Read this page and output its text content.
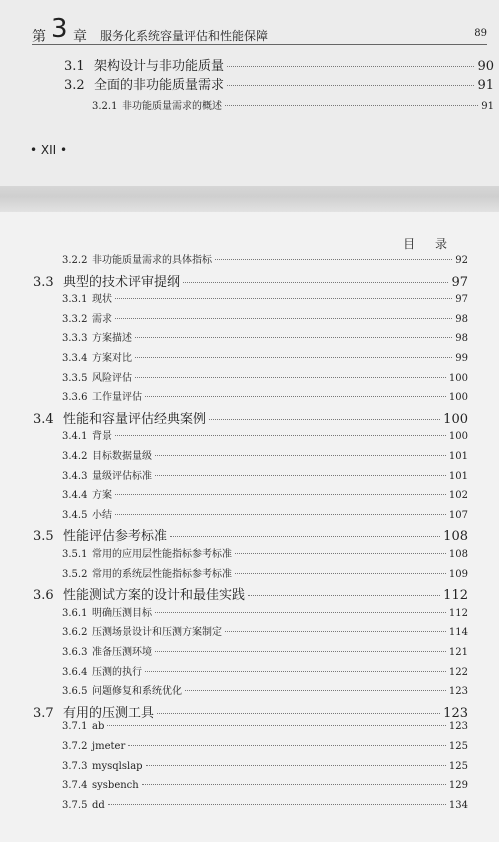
第 3 章 服务化系统容量评估和性能保障	89
3.1 架构设计与非功能质量	90
3.2 全面的非功能质量需求	91
3.2.1 非功能质量需求的概述	91
• XII •
目 录
3.2.2 非功能质量需求的具体指标	92
3.3 典型的技术评审提纲	97
3.3.1 现状	97
3.3.2 需求	98
3.3.3 方案描述	98
3.3.4 方案对比	99
3.3.5 风险评估	100
3.3.6 工作量评估	100
3.4 性能和容量评估经典案例	100
3.4.1 背景	100
3.4.2 目标数据量级	101
3.4.3 量级评估标准	101
3.4.4 方案	102
3.4.5 小结	107
3.5 性能评估参考标准	108
3.5.1 常用的应用层性能指标参考标准	108
3.5.2 常用的系统层性能指标参考标准	109
3.6 性能测试方案的设计和最佳实践	112
3.6.1 明确压测目标	112
3.6.2 压测场景设计和压测方案制定	114
3.6.3 准备压测环境	121
3.6.4 压测的执行	122
3.6.5 问题修复和系统优化	123
3.7 有用的压测工具	123
3.7.1 ab	123
3.7.2 jmeter	125
3.7.3 mysqlslap	125
3.7.4 sysbench	129
3.7.5 dd	134
